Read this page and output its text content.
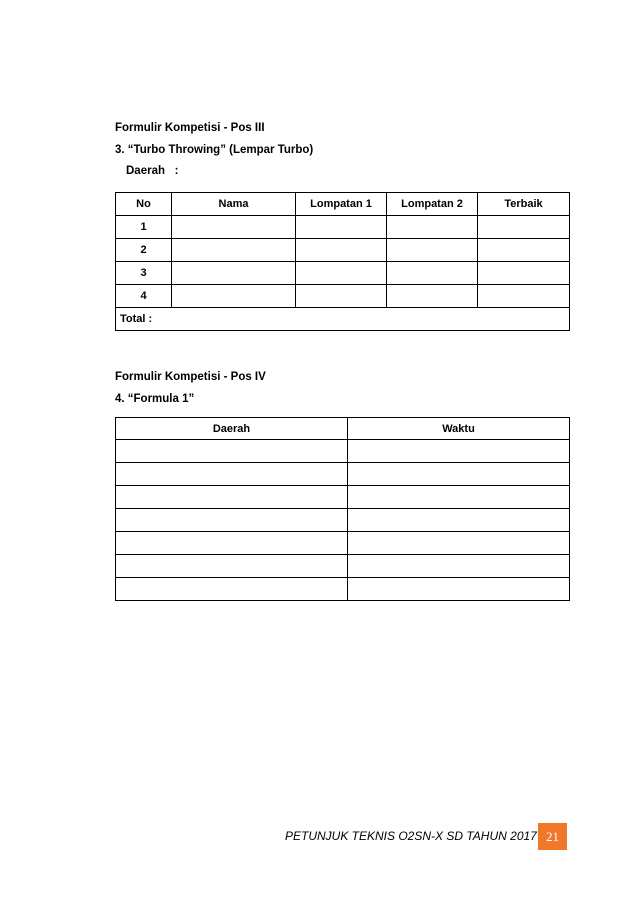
Formulir Kompetisi - Pos III
3. “Turbo Throwing” (Lempar Turbo)
Daerah   :
No	Nama	Lompatan 1	Lompatan 2	Terbaik
1				
2				
3				
4				
Total :				
Formulir Kompetisi - Pos IV
4. “Formula 1”
Daerah	Waktu

PETUNJUK TEKNIS O2SN-X SD TAHUN 2017 21
